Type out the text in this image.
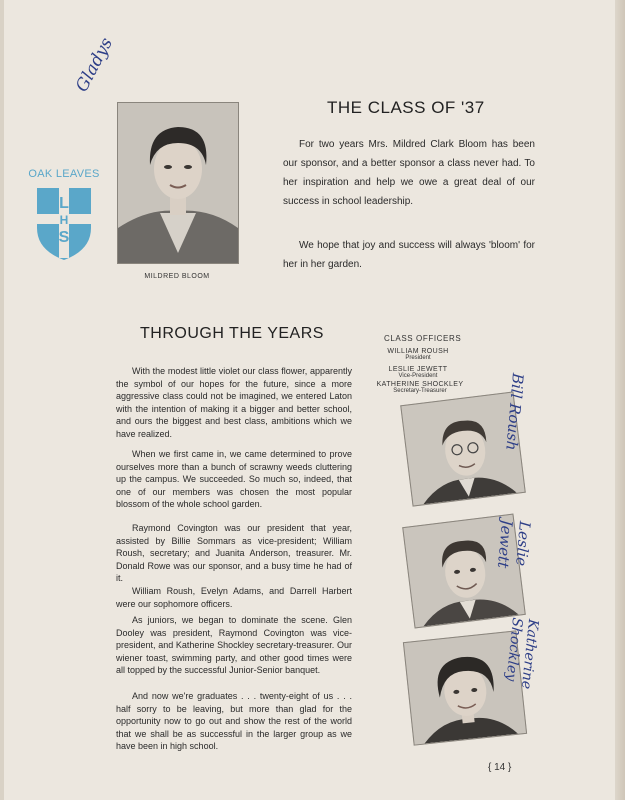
OAK LEAVES
L
S
J	G
H
MILDRED BLOOM
Gladys
THE CLASS OF '37

For two years Mrs. Mildred Clark Bloom has been our sponsor, and a better sponsor a class never had. To her inspiration and help we owe a great deal of our success in school leadership.

We hope that joy and success will always 'bloom' for her in her garden.

THROUGH THE YEARS

With the modest little violet our class flower, apparently the symbol of our hopes for the future, since a more aggressive class could not be imagined, we entered Laton with the intention of making it a bigger and better school, and ours the biggest and best class, ambitions which we have realized.

When we first came in, we came determined to prove ourselves more than a bunch of scrawny weeds cluttering up the campus. We succeeded. So much so, indeed, that one of our members was chosen the most popular blossom of the whole school garden.

Raymond Covington was our president that year, assisted by Billie Sommars as vice-president; William Roush, secretary; and Juanita Anderson, treasurer. Mr. Donald Rowe was our sponsor, and a busy time he had of it.

William Roush, Evelyn Adams, and Darrell Harbert were our sophomore officers.

As juniors, we began to dominate the scene. Glen Dooley was president, Raymond Covington was vice-president, and Katherine Shockley secretary-treasurer. Our wiener toast, swimming party, and other good times were all topped by the successful Junior-Senior banquet.

And now we're graduates . . . twenty-eight of us . . . half sorry to be leaving, but more than glad for the opportunity now to go out and show the rest of the world that we shall be as successful in the larger group as we have been in high school.

CLASS OFFICERS
WILLIAM ROUSH
President
LESLIE JEWETT
Vice-President
KATHERINE SHOCKLEY
Secretary-Treasurer	Bill Roush
Leslie Jewett
Katherine Shockley
{ 14 }
